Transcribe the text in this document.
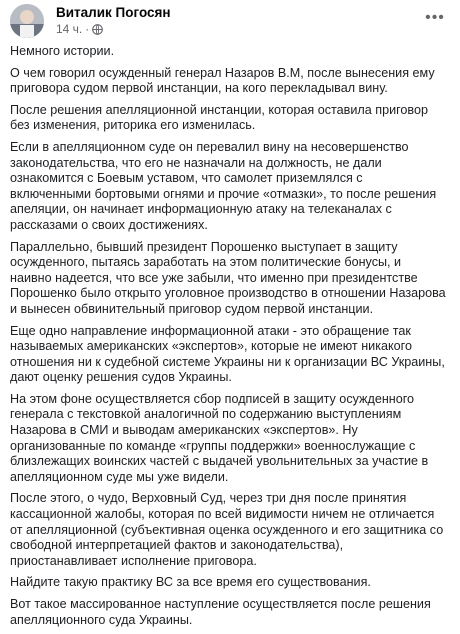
Виталик Погосян
14 ч. ·
•••

Немного истории.

О чем говорил осужденный генерал Назаров В.М, после вынесения ему приговора судом первой инстанции, на кого перекладывал вину.

После решения апелляционной инстанции, которая оставила приговор без изменения, риторика его изменилась.

Если в апелляционном суде он перевалил вину на несовершенство законодательства, что его не назначали на должность, не дали ознакомится с Боевым уставом, что самолет приземлялся с включенными бортовыми огнями и прочие «отмазки», то после решения апеляции, он начинает информационную атаку на телеканалах с рассказами о своих достижениях.

Параллельно, бывший президент Порошенко выступает в защиту осужденного, пытаясь заработать на этом политические бонусы, и наивно надеется, что все уже забыли, что именно при президентстве Порошенко было открыто уголовное производство в отношении Назарова и вынесен обвинительный приговор судом первой инстанции.

Еще одно направление информационной атаки - это обращение так называемых американских «экспертов», которые не имеют никакого отношения ни к судебной системе Украины ни к организации ВС Украины, дают оценку решения судов Украины.

На этом фоне осуществляется сбор подписей в защиту осужденного генерала с текстовкой аналогичной по содержанию выступлениям Назарова в СМИ и выводам американских «экспертов». Ну организованные по команде «группы поддержки» военнослужащие с близлежащих воинских частей с выдачей увольнительных за участие в апелляционном суде мы уже видели.

После этого, о чудо, Верховный Суд, через три дня после принятия кассационной жалобы, которая по всей видимости ничем не отличается от апелляционной (субъективная оценка осужденного и его защитника со свободной интерпретацией фактов и законодательства), приостанавливает исполнение приговора.

Найдите такую практику ВС за все время его существования.

Вот такое массированное наступление осуществляется после решения апелляционного суда Украины.
